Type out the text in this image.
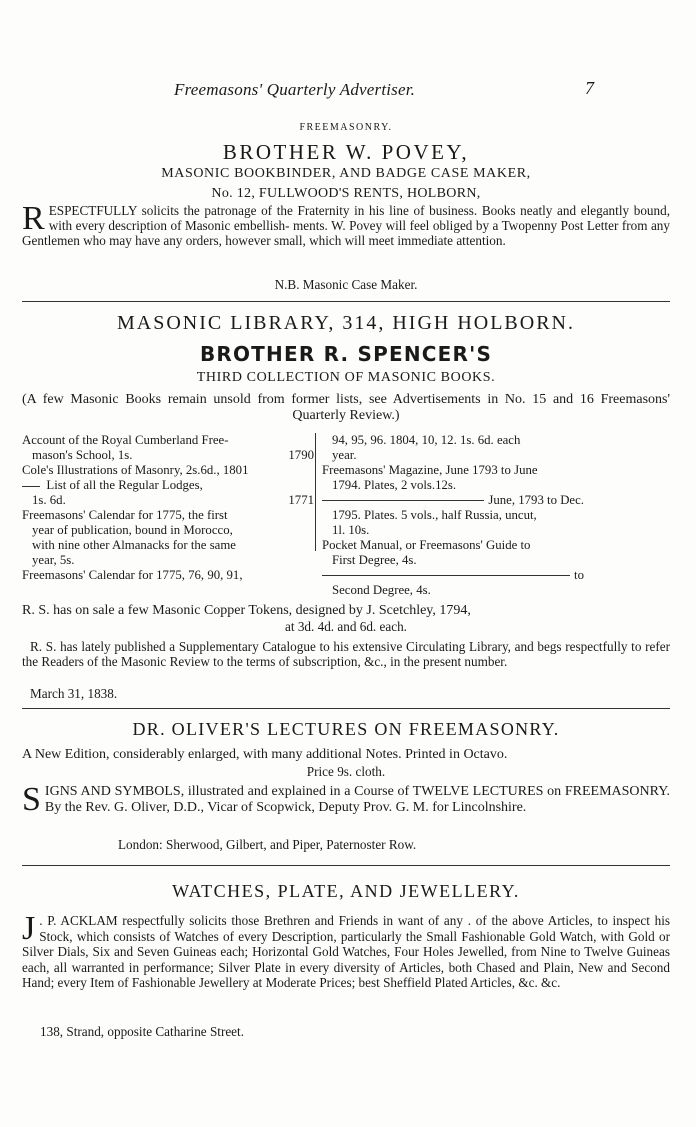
Freemasons' Quarterly Advertiser.	7
FREEMASONRY.
BROTHER W. POVEY,
MASONIC BOOKBINDER, AND BADGE CASE MAKER,
No. 12, FULLWOOD'S RENTS, HOLBORN,
R ESPECTFULLY solicits the patronage of the Fraternity in his line of business. Books neatly and elegantly bound, with every description of Masonic embellish- ments. W. Povey will feel obliged by a Twopenny Post Letter from any Gentlemen who may have any orders, however small, which will meet immediate attention.
N.B. Masonic Case Maker.
MASONIC LIBRARY, 314, HIGH HOLBORN.
BROTHER R. SPENCER'S
THIRD COLLECTION OF MASONIC BOOKS.
(A few Masonic Books remain unsold from former lists, see Advertisements in No. 15 and 16 Freemasons' Quarterly Review.)

Account of the Royal Cumberland Free-

mason's School, 1s.	1790

Cole's Illustrations of Masonry, 2s.6d., 1801

List of all the Regular Lodges,

1s. 6d.	1771

Freemasons' Calendar for 1775, the first

year of publication, bound in Morocco,

with nine other Almanacks for the same

year, 5s.

Freemasons' Calendar for 1775, 76, 90, 91,

94, 95, 96. 1804, 10, 12. 1s. 6d. each

year.

Freemasons' Magazine, June 1793 to June

1794. Plates, 2 vols.12s.

June, 1793 to Dec.

1795. Plates. 5 vols., half Russia, uncut,

1l. 10s.

Pocket Manual, or Freemasons' Guide to

First Degree, 4s.

to

Second Degree, 4s.

R. S. has on sale a few Masonic Copper Tokens, designed by J. Scetchley, 1794,
at 3d. 4d. and 6d. each.
R. S. has lately published a Supplementary Catalogue to his extensive Circulating Library, and begs respectfully to refer the Readers of the Masonic Review to the terms of subscription, &c., in the present number.
March 31, 1838.
DR. OLIVER'S LECTURES ON FREEMASONRY.
A New Edition, considerably enlarged, with many additional Notes. Printed in Octavo.
Price 9s. cloth.
S IGNS AND SYMBOLS, illustrated and explained in a Course of TWELVE LECTURES on FREEMASONRY. By the Rev. G. Oliver, D.D., Vicar of Scopwick, Deputy Prov. G. M. for Lincolnshire.
London: Sherwood, Gilbert, and Piper, Paternoster Row.
WATCHES, PLATE, AND JEWELLERY.
J . P. ACKLAM respectfully solicits those Brethren and Friends in want of any . of the above Articles, to inspect his Stock, which consists of Watches of every Description, particularly the Small Fashionable Gold Watch, with Gold or Silver Dials, Six and Seven Guineas each; Horizontal Gold Watches, Four Holes Jewelled, from Nine to Twelve Guineas each, all warranted in performance; Silver Plate in every diversity of Articles, both Chased and Plain, New and Second Hand; every Item of Fashionable Jewellery at Moderate Prices; best Sheffield Plated Articles, &c. &c.
138, Strand, opposite Catharine Street.
